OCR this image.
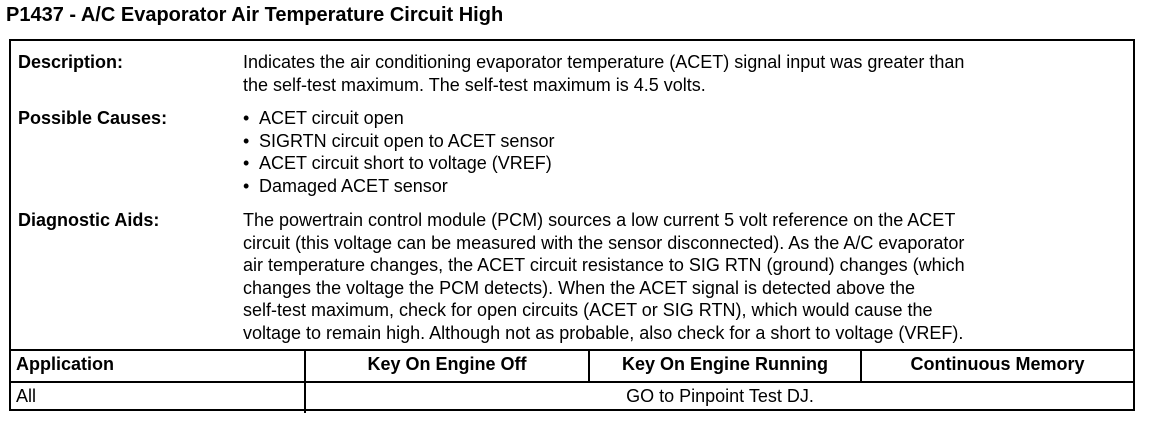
P1437 - A/C Evaporator Air Temperature Circuit High
Description:	Indicates the air conditioning evaporator temperature (ACET) signal input was greater than
the self-test maximum. The self-test maximum is 4.5 volts.
Possible Causes:
•	ACET circuit open
• SIGRTN circuit open to ACET sensor
• ACET circuit short to voltage (VREF)
• Damaged ACET sensor
Diagnostic Aids:	The powertrain control module (PCM) sources a low current 5 volt reference on the ACET
circuit (this voltage can be measured with the sensor disconnected). As the A/C evaporator
air temperature changes, the ACET circuit resistance to SIG RTN (ground) changes (which
changes the voltage the PCM detects). When the ACET signal is detected above the
self-test maximum, check for open circuits (ACET or SIG RTN), which would cause the
voltage to remain high. Although not as probable, also check for a short to voltage (VREF).
Application	Key On Engine Off	Key On Engine Running	Continuous Memory
All	GO to Pinpoint Test DJ.
